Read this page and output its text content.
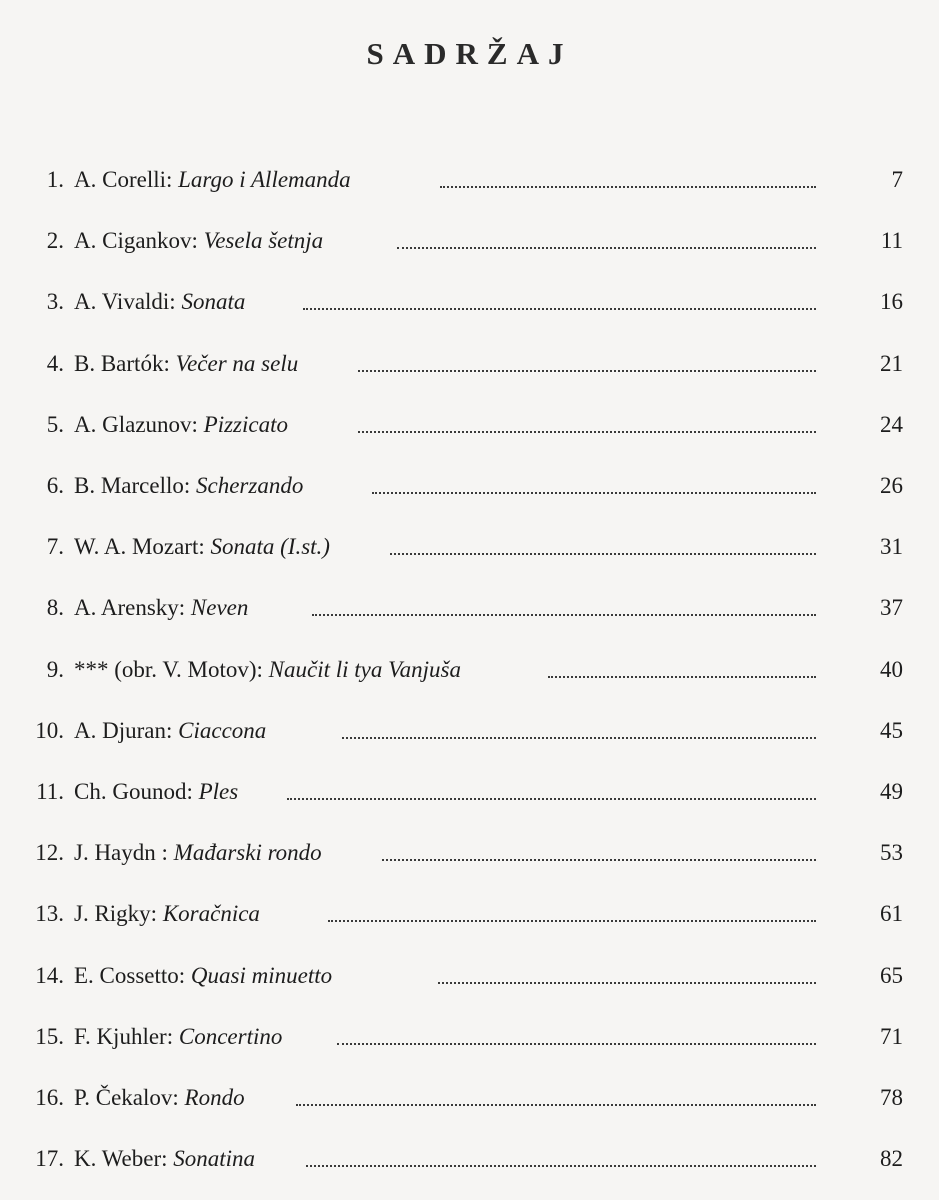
SADRŽAJ
1. A. Corelli: Largo i Allemanda	7
2. A. Cigankov: Vesela šetnja	11
3. A. Vivaldi: Sonata	16
4. B. Bartók: Večer na selu	21
5. A. Glazunov: Pizzicato	24
6. B. Marcello: Scherzando	26
7. W. A. Mozart: Sonata (I.st.)	31
8. A. Arensky: Neven	37
9. *** (obr. V. Motov): Naučit li tya Vanjuša	40
10. A. Djuran: Ciaccona	45
11. Ch. Gounod: Ples	49
12. J. Haydn : Mađarski rondo	53
13. J. Rigky: Koračnica	61
14. E. Cossetto: Quasi minuetto	65
15. F. Kjuhler: Concertino	71
16. P. Čekalov: Rondo	78
17. K. Weber: Sonatina	82
